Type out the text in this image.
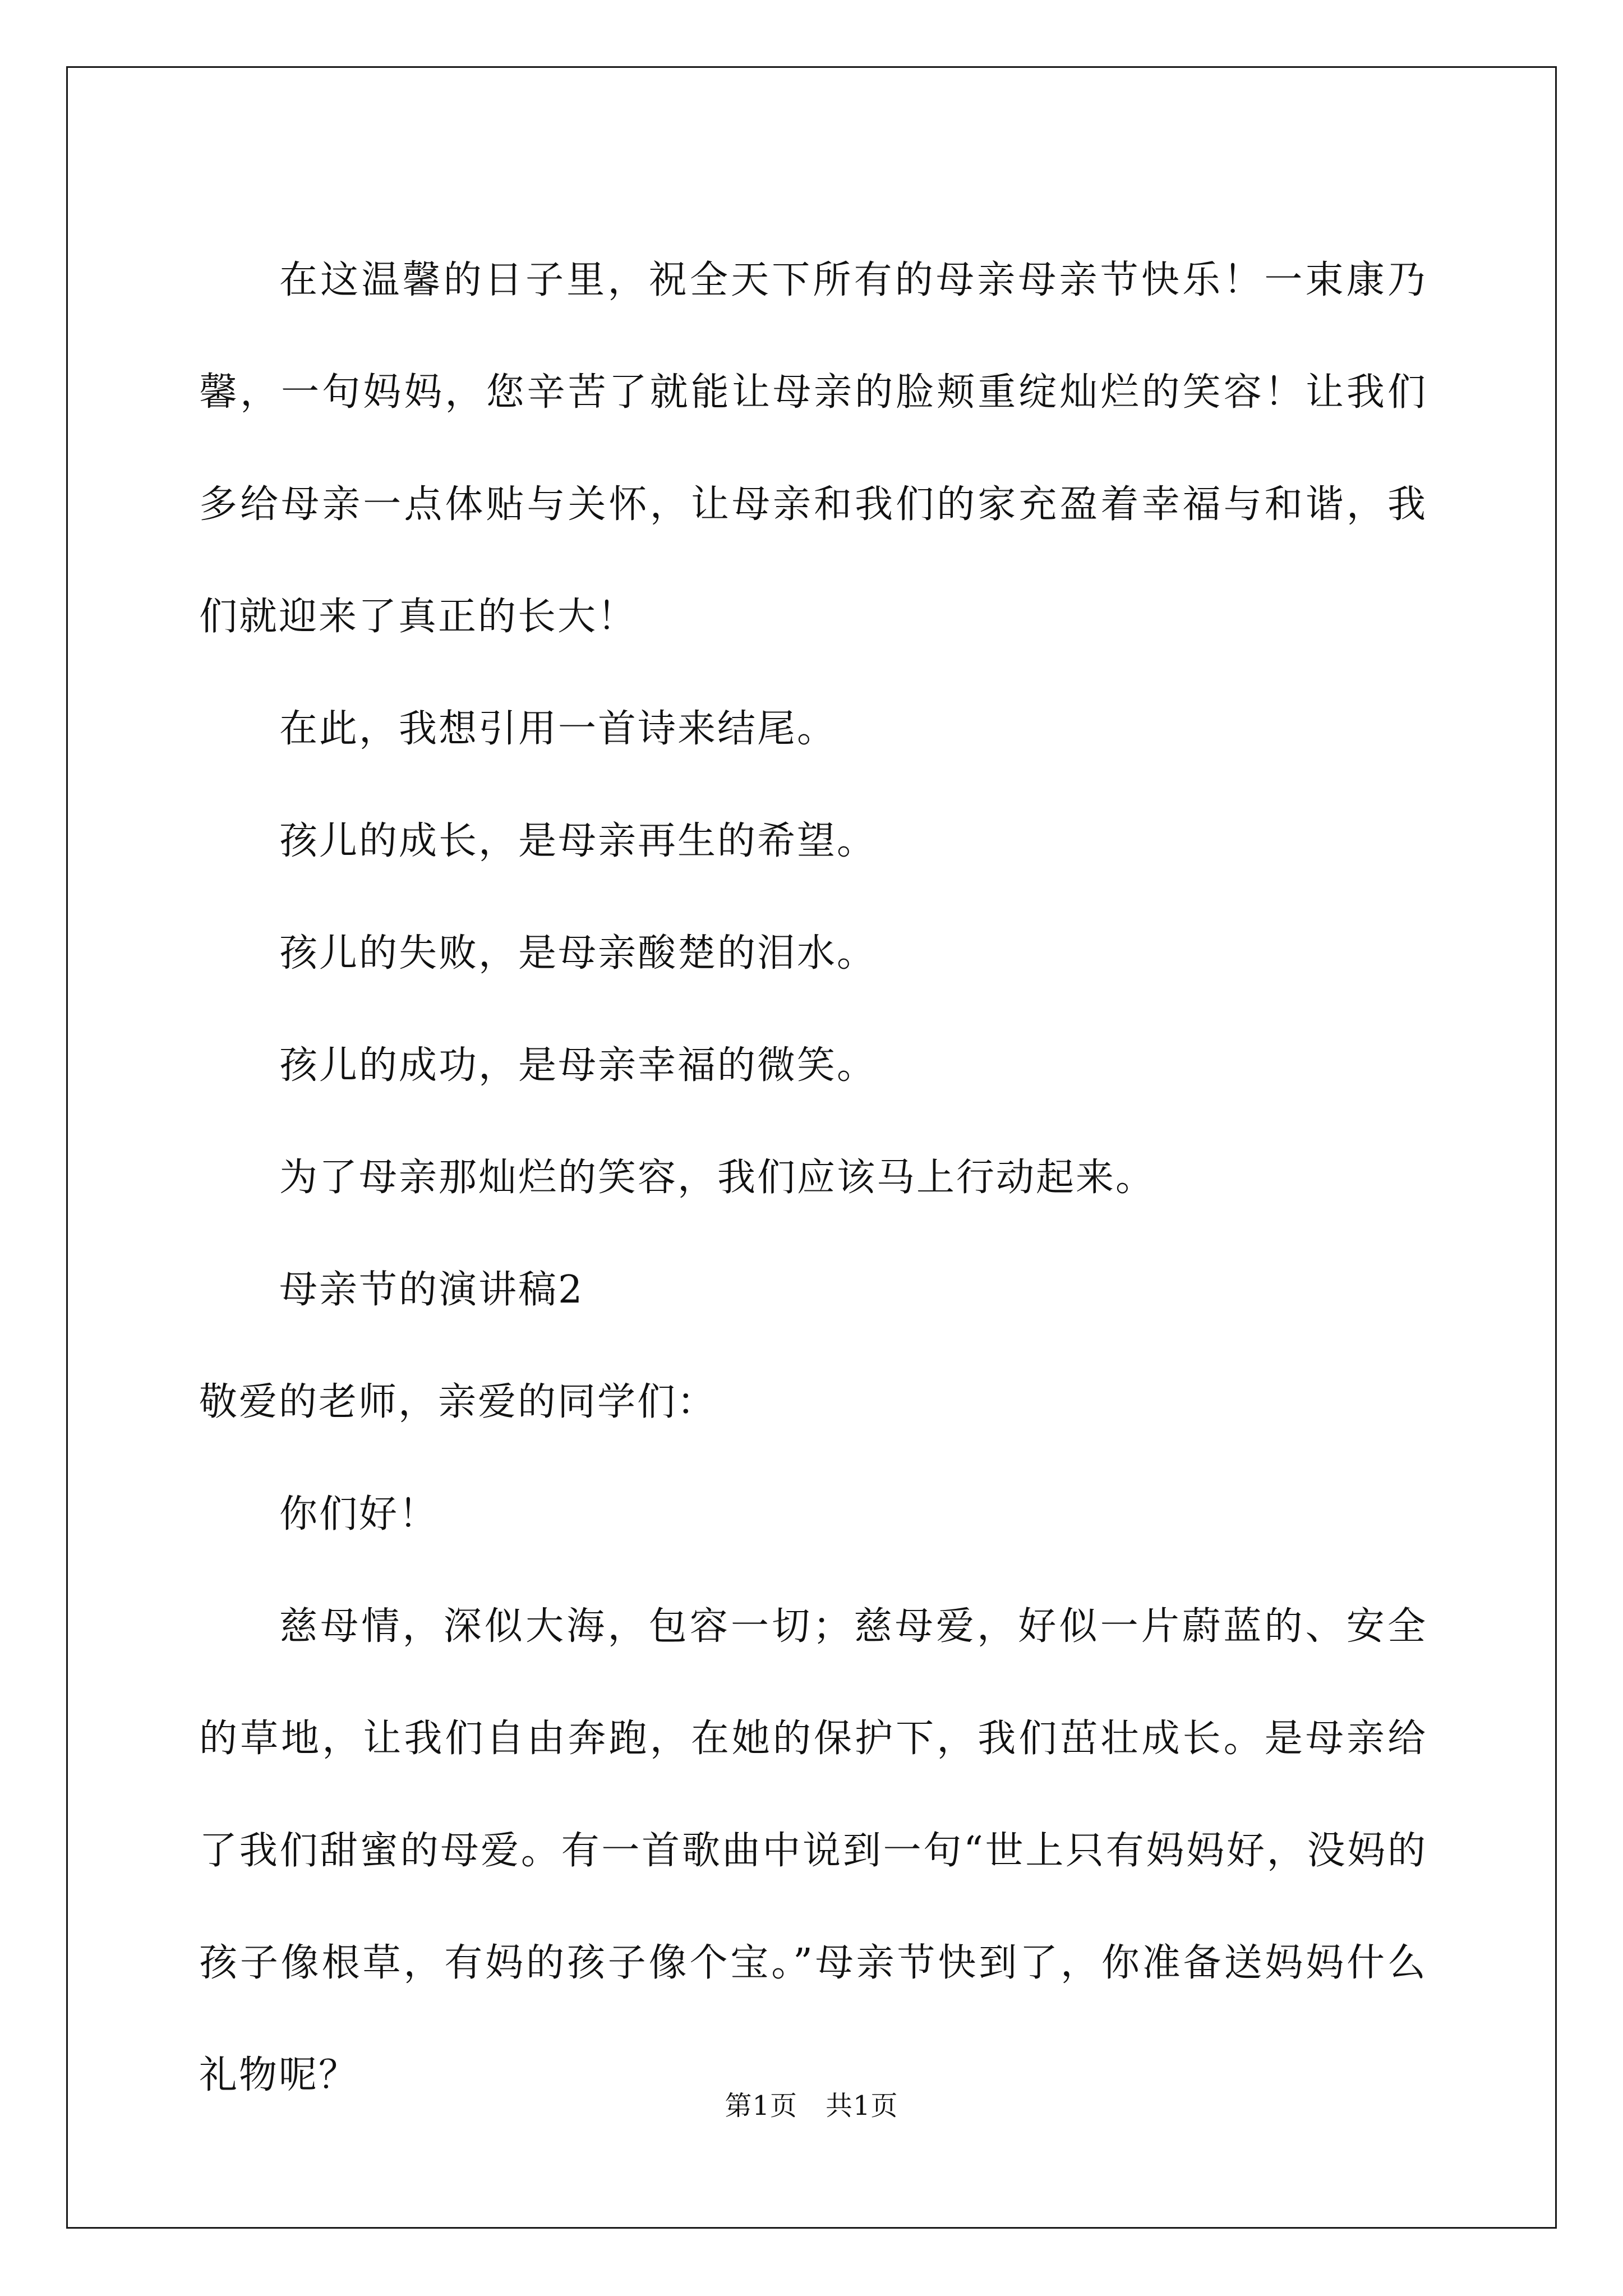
在这温馨的日子里，祝全天下所有的母亲母亲节快乐！一束康乃馨，一句妈妈，您辛苦了就能让母亲的脸颊重绽灿烂的笑容！让我们多给母亲一点体贴与关怀，让母亲和我们的家充盈着幸福与和谐，我们就迎来了真正的长大！

在此，我想引用一首诗来结尾。

孩儿的成长，是母亲再生的希望。

孩儿的失败，是母亲酸楚的泪水。

孩儿的成功，是母亲幸福的微笑。

为了母亲那灿烂的笑容，我们应该马上行动起来。

母亲节的演讲稿2

敬爱的老师，亲爱的同学们：

你们好！

慈母情，深似大海，包容一切；慈母爱，好似一片蔚蓝的、安全的草地，让我们自由奔跑，在她的保护下，我们茁壮成长。是母亲给了我们甜蜜的母爱。有一首歌曲中说到一句“世上只有妈妈好，没妈的孩子像根草，有妈的孩子像个宝。”母亲节快到了，你准备送妈妈什么礼物呢？

第1页 共1页
